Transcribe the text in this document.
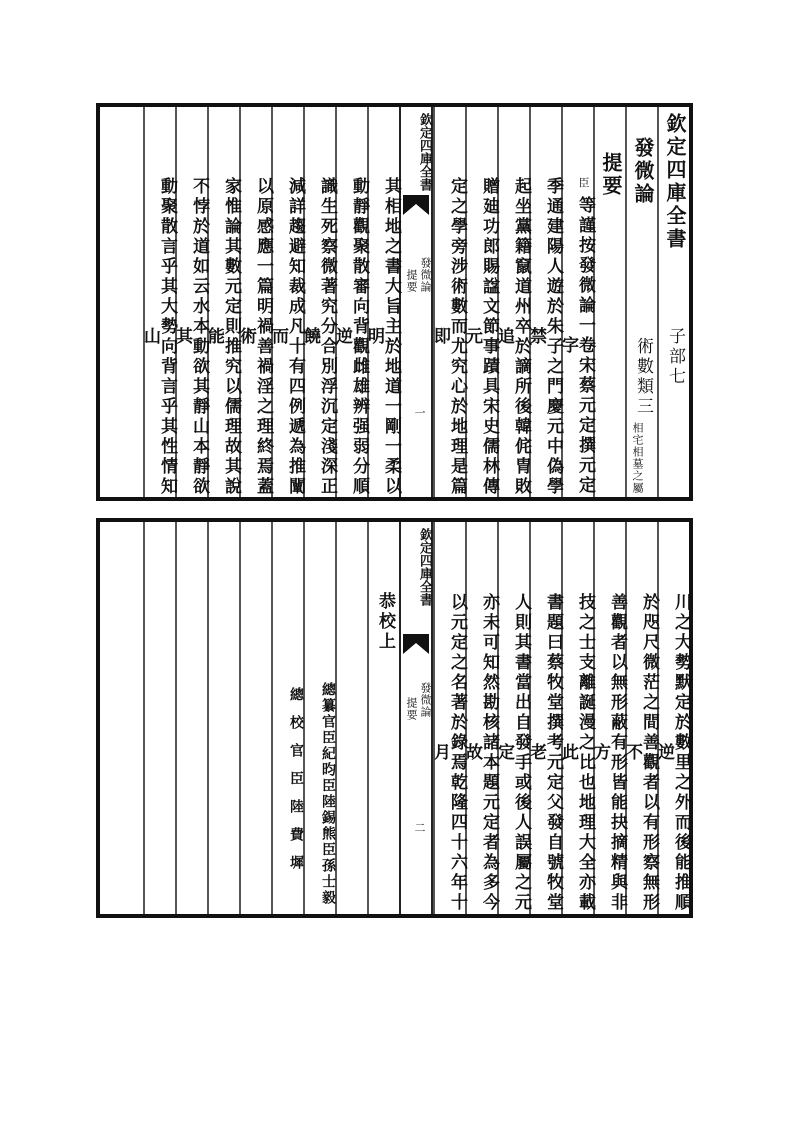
欽定四庫全書
子部七
發微論
術數類三
相宅相墓之屬
提要
臣
等謹按發微論一卷宋蔡元定撰元定字
季通建陽人遊於朱子之門慶元中偽學禁
起坐黨籍竄道州卒於謫所後韓侂胄敗追
贈廸功郎賜諡文節事蹟具宋史儒林傳元
定之學旁涉術數而尤究心於地理是篇即
欽定四庫全書
發微論
提要
一
其相地之書大旨主於地道一剛一柔以明
動靜觀聚散審向背觀雌雄辨强弱分順逆
識生死察微著究分合別浮沉定淺深正饒
減詳趨避知裁成凡十有四例遞為推闡而
以原感應一篇明禍善禍淫之理終焉蓋術
家惟論其數元定則推究以儒理故其說能
不悖於道如云水本動欲其靜山本靜欲其
動聚散言乎其大勢向背言乎其性情知山
川之大勢默定於數里之外而後能推順逆
於咫尺微茫之間善觀者以有形察無形不
善觀者以無形蔽有形皆能抉摘精與非方
技之士支離誕漫之比也地理大全亦載此
書題曰蔡牧堂撰考元定父發自號牧堂老
人則其書當出自發手或後人誤屬之元定
亦未可知然勘核諸本題元定者為多今故
以元定之名著於錄焉乾隆四十六年十月
欽定四庫全書
發微論
提要
二
恭校上
總纂官臣紀昀臣陸錫熊臣孫士毅
總校官臣陸費墀
